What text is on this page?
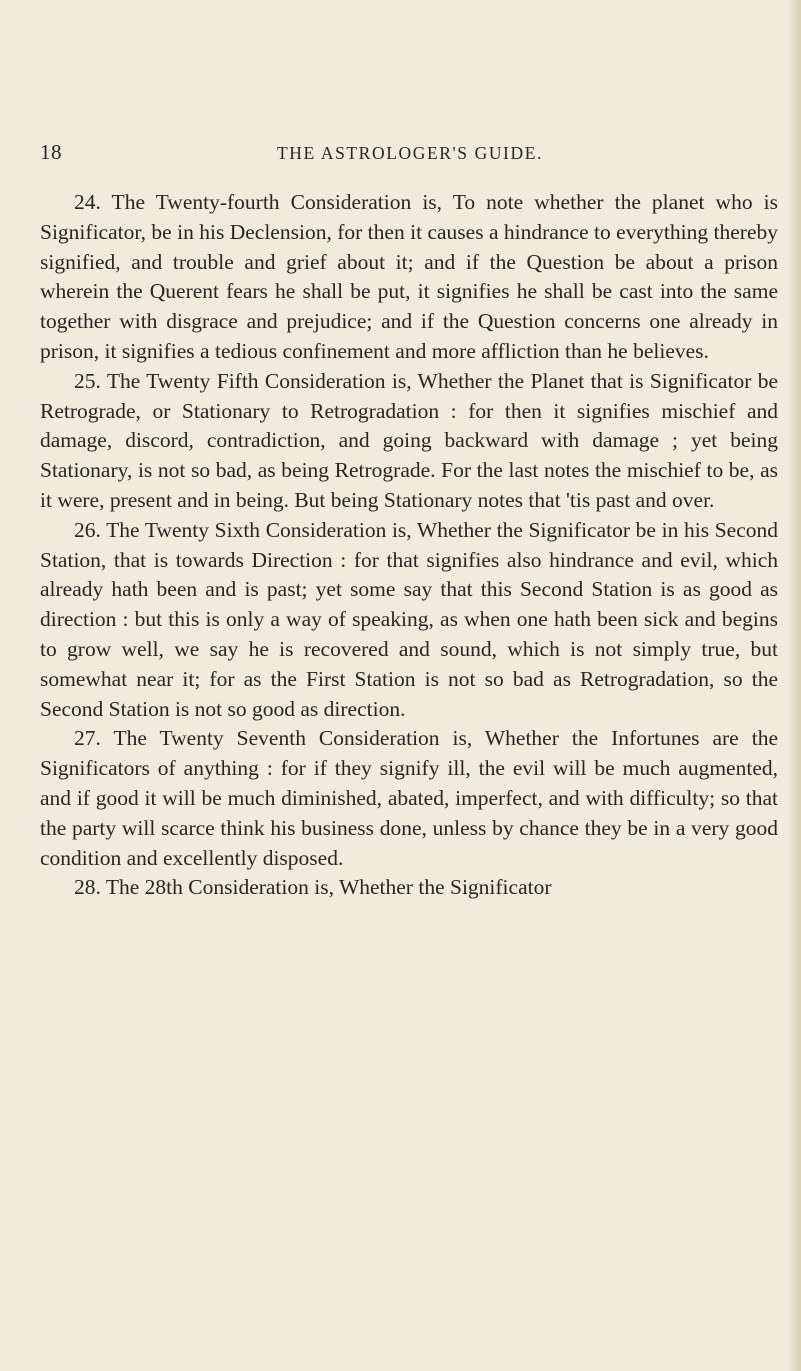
18	THE ASTROLOGER'S GUIDE.

24. The Twenty-fourth Consideration is, To note whether the planet who is Significator, be in his Declension, for then it causes a hindrance to everything thereby signified, and trouble and grief about it; and if the Question be about a prison wherein the Querent fears he shall be put, it signifies he shall be cast into the same together with disgrace and prejudice; and if the Question concerns one already in prison, it signifies a tedious confinement and more affliction than he believes.

25. The Twenty Fifth Consideration is, Whether the Planet that is Significator be Retrograde, or Stationary to Retrogradation : for then it signifies mischief and damage, discord, contradiction, and going backward with damage ; yet being Stationary, is not so bad, as being Retrograde. For the last notes the mischief to be, as it were, present and in being. But being Stationary notes that 'tis past and over.

26. The Twenty Sixth Consideration is, Whether the Significator be in his Second Station, that is towards Direction : for that signifies also hindrance and evil, which already hath been and is past; yet some say that this Second Station is as good as direction : but this is only a way of speaking, as when one hath been sick and begins to grow well, we say he is recovered and sound, which is not simply true, but somewhat near it; for as the First Station is not so bad as Retrogradation, so the Second Station is not so good as direction.

27. The Twenty Seventh Consideration is, Whether the Infortunes are the Significators of anything : for if they signify ill, the evil will be much augmented, and if good it will be much diminished, abated, imperfect, and with difficulty; so that the party will scarce think his business done, unless by chance they be in a very good condition and excellently disposed.

28. The 28th Consideration is, Whether the Significator
